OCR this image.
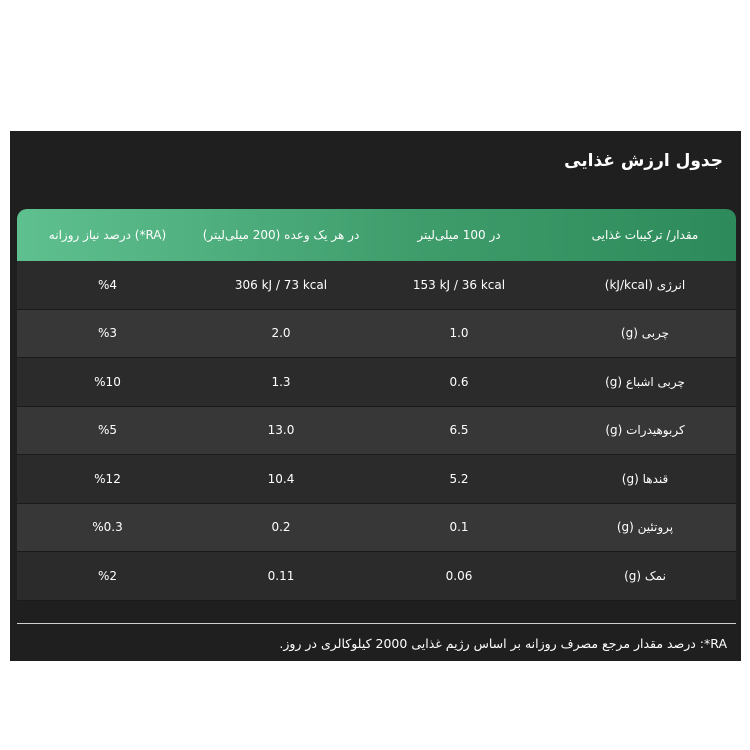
جدول ارزش غذایی
مقدار/ ترکیبات غذایی
در 100 میلی‌لیتر
در هر یک وعده (200 میلی‌لیتر)
(RA*) درصد نیاز روزانه
انرژی (kJ/kcal)
153 kJ / 36 kcal
306 kJ / 73 kcal
%4
چربی (g)
1.0
2.0
%3
چربی اشباع (g)
0.6
1.3
%10
کربوهیدرات (g)
6.5
13.0
%5
قندها (g)
5.2
10.4
%12
پروتئین (g)
0.1
0.2
%0.3
نمک (g)
0.06
0.11
%2
RA*: درصد مقدار مرجع مصرف روزانه بر اساس رژیم غذایی 2000 کیلوکالری در روز.
